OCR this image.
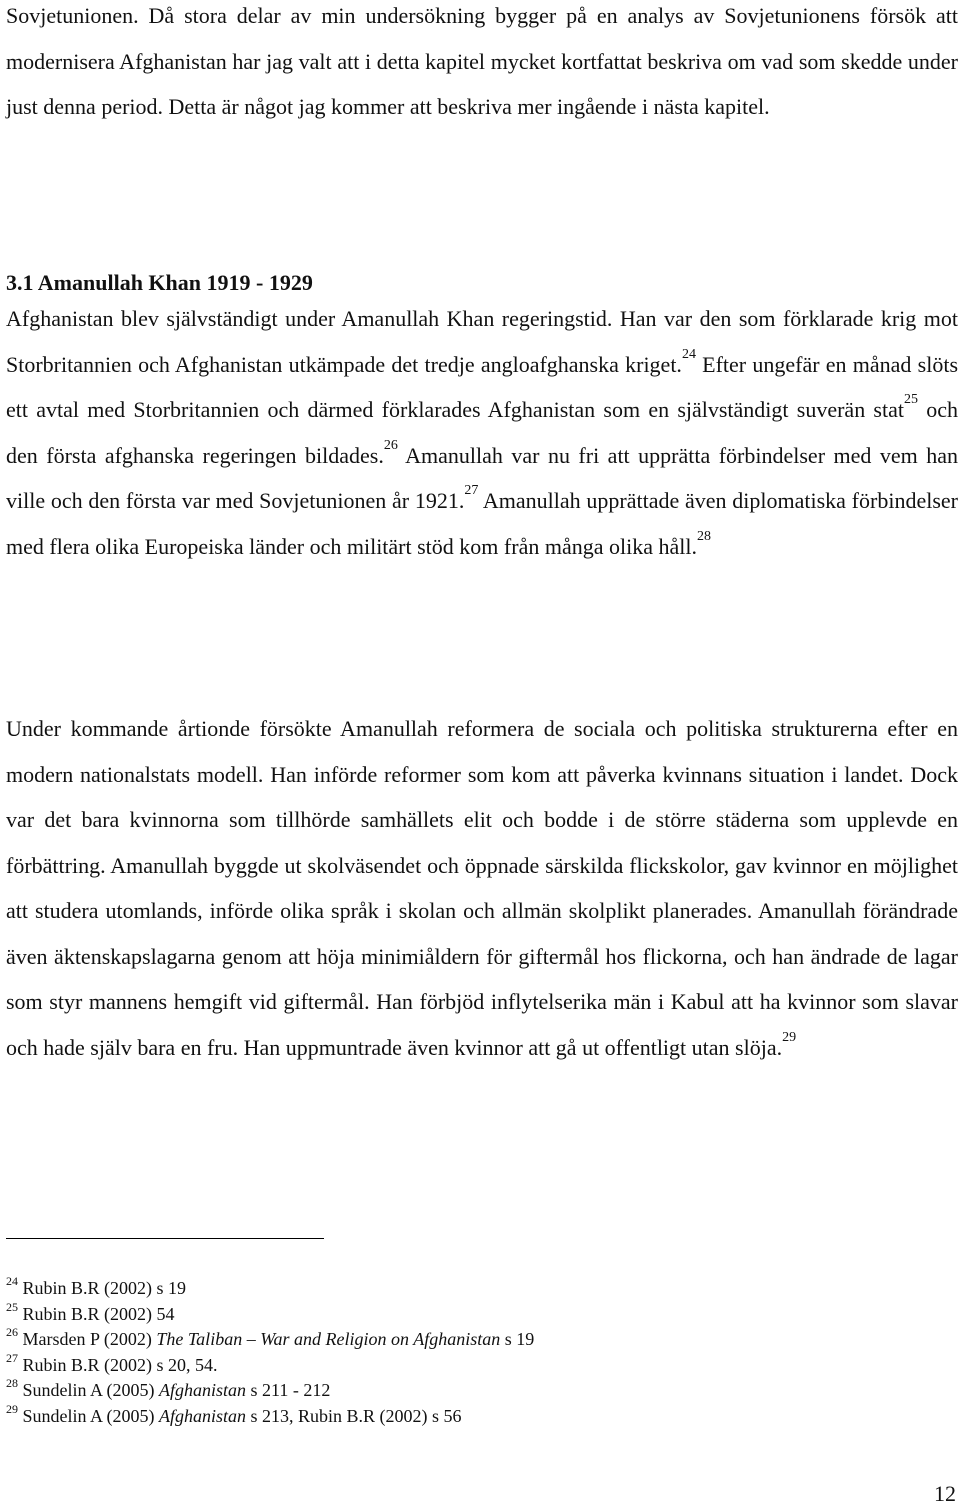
Sovjetunionen. Då stora delar av min undersökning bygger på en analys av Sovjetunionens försök att modernisera Afghanistan har jag valt att i detta kapitel mycket kortfattat beskriva om vad som skedde under just denna period. Detta är något jag kommer att beskriva mer ingående i nästa kapitel.

3.1 Amanullah Khan 1919 - 1929

Afghanistan blev självständigt under Amanullah Khan regeringstid. Han var den som förklarade krig mot Storbritannien och Afghanistan utkämpade det tredje angloafghanska kriget.$^{24}$ Efter ungefär en månad slöts ett avtal med Storbritannien och därmed förklarades Afghanistan som en självständigt suverän stat$^{25}$ och den första afghanska regeringen bildades.$^{26}$ Amanullah var nu fri att upprätta förbindelser med vem han ville och den första var med Sovjetunionen år 1921.27 Amanullah upprättade även diplomatiska förbindelser med flera olika Europeiska länder och militärt stöd kom från många olika håll.$^{28}$

Under kommande årtionde försökte Amanullah reformera de sociala och politiska strukturerna efter en modern nationalstats modell. Han införde reformer som kom att påverka kvinnans situation i landet. Dock var det bara kvinnorna som tillhörde samhällets elit och bodde i de större städerna som upplevde en förbättring. Amanullah byggde ut skolväsendet och öppnade särskilda flickskolor, gav kvinnor en möjlighet att studera utomlands, införde olika språk i skolan och allmän skolplikt planerades. Amanullah förändrade även äktenskapslagarna genom att höja minimiåldern för giftermål hos flickorna, och han ändrade de lagar som styr mannens hemgift vid giftermål. Han förbjöd inflytelserika män i Kabul att ha kvinnor som slavar och hade själv bara en fru. Han uppmuntrade även kvinnor att gå ut offentligt utan slöja.$^{29}$

$^{24}$ Rubin B.R (2002) s 19
$^{25}$ Rubin B.R (2002) 54
$^{26}$ Marsden P (2002) The Taliban – War and Religion on Afghanistan s 19
$^{27}$ Rubin B.R (2002) s 20, 54.
$^{28}$ Sundelin A (2005) Afghanistan s 211 - 212
$^{29}$ Sundelin A (2005) Afghanistan s 213, Rubin B.R (2002) s 56
12
